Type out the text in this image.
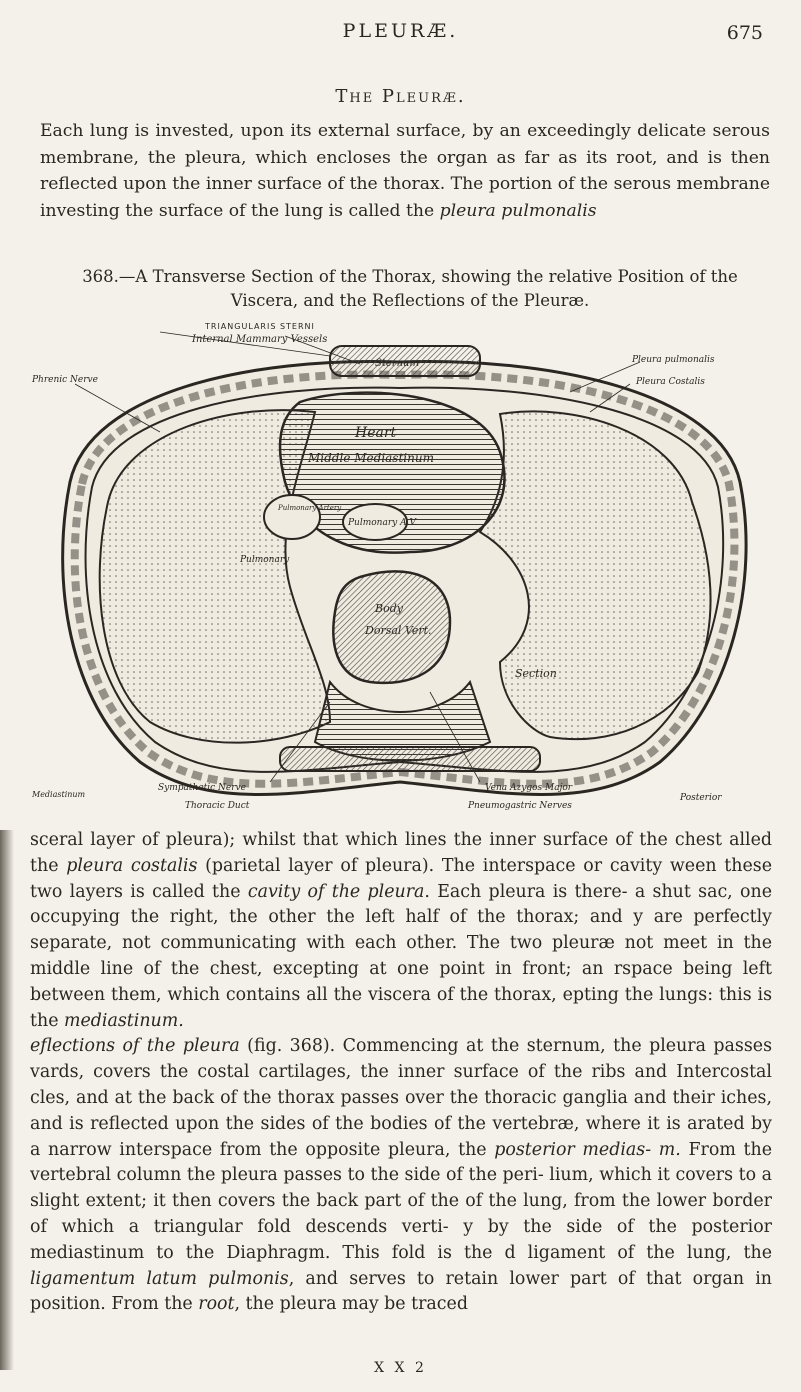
PLEURÆ.	675
The Pleuræ.
Each lung is invested, upon its external surface, by an exceedingly delicate serous membrane, the pleura, which encloses the organ as far as its root, and is then reflected upon the inner surface of the thorax. The portion of the serous membrane investing the surface of the lung is called the pleura pulmonalis
368.—A Transverse Section of the Thorax, showing the relative Position of the Viscera, and the Reflections of the Pleuræ.
TRIANGULARIS STERNI
Internal Mammary Vessels
Sternum
Phrenic Nerve
Pleura pulmonalis
Pleura Costalis
Heart
Middle Mediastinum
Pulmonary Artery
Pulmonary A.V.
Pulmonary
Body
Dorsal Vert.
Section
Mediastinum
Sympathetic Nerve
Thoracic Duct
Vena Azygos Major
Pneumogastric Nerves
Posterior

sceral layer of pleura); whilst that which lines the inner surface of the chest alled the pleura costalis (parietal layer of pleura). The interspace or cavity ween these two layers is called the cavity of the pleura. Each pleura is there- a shut sac, one occupying the right, the other the left half of the thorax; and y are perfectly separate, not communicating with each other. The two pleuræ not meet in the middle line of the chest, excepting at one point in front; an rspace being left between them, which contains all the viscera of the thorax, epting the lungs: this is the mediastinum.

eflections of the pleura (fig. 368). Commencing at the sternum, the pleura passes vards, covers the costal cartilages, the inner surface of the ribs and Intercostal cles, and at the back of the thorax passes over the thoracic ganglia and their iches, and is reflected upon the sides of the bodies of the vertebræ, where it is arated by a narrow interspace from the opposite pleura, the posterior medias- m. From the vertebral column the pleura passes to the side of the peri- lium, which it covers to a slight extent; it then covers the back part of the of the lung, from the lower border of which a triangular fold descends verti- y by the side of the posterior mediastinum to the Diaphragm. This fold is the d ligament of the lung, the ligamentum latum pulmonis, and serves to retain lower part of that organ in position. From the root, the pleura may be traced

X X 2
